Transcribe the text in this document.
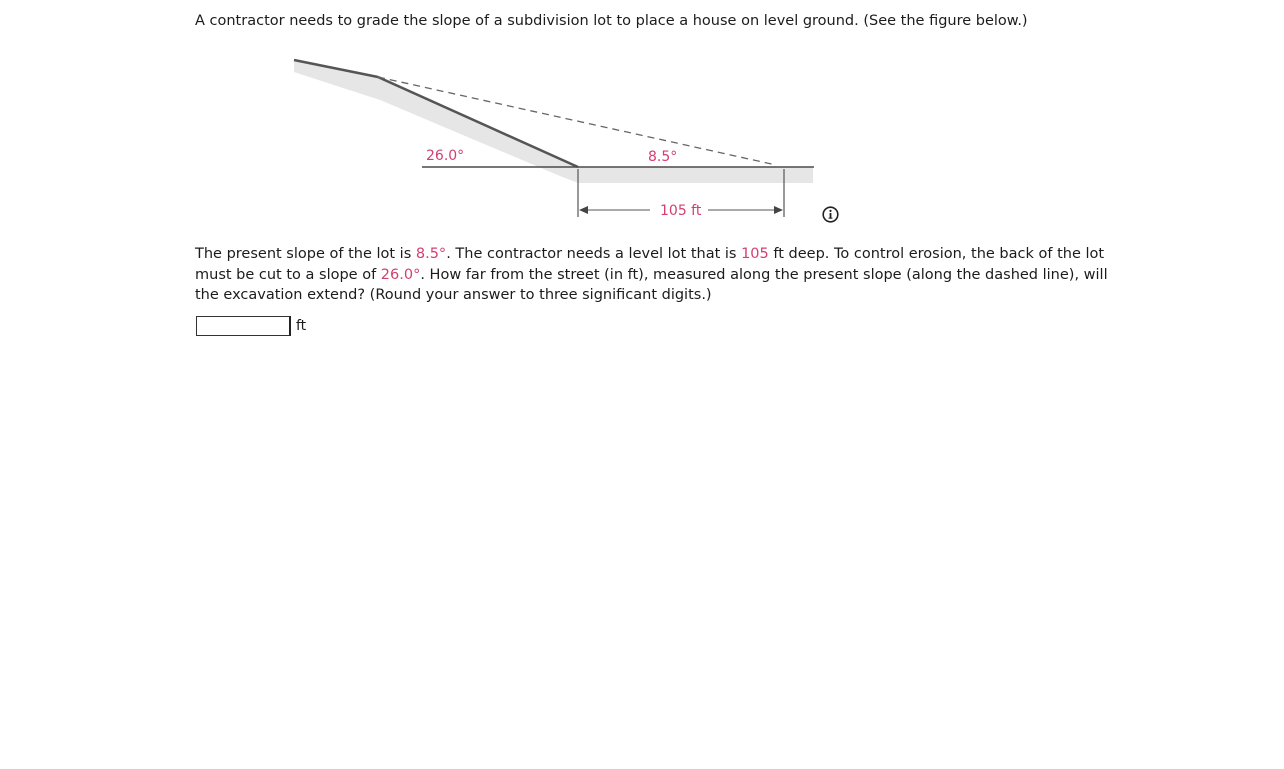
A contractor needs to grade the slope of a subdivision lot to place a house on level ground. (See the figure below.)
26.0°	8.5°
105 ft
The present slope of the lot is 8.5°. The contractor needs a level lot that is 105 ft deep. To control erosion, the back of the lot must be cut to a slope of 26.0°. How far from the street (in ft), measured along the present slope (along the dashed line), will the excavation extend? (Round your answer to three significant digits.)
ft
